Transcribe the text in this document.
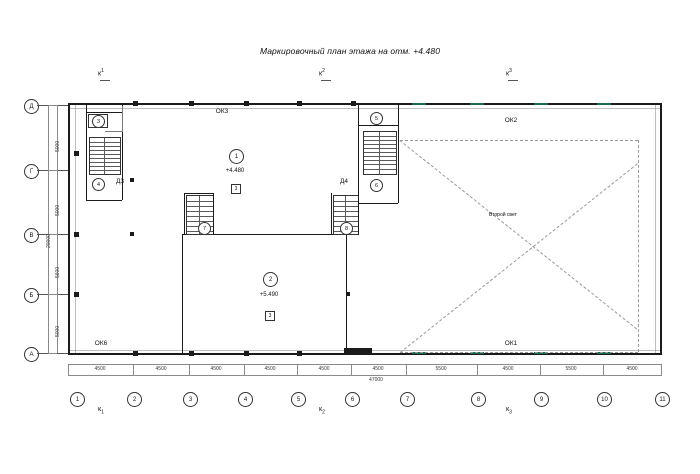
Маркировочный план этажа на отм. +4.480
$к^1$	$к^2$	$к^3$
Второй свет
ОК3
ОК2
ОК6	ОК1
Д3	Д4
+4.480
+5.490
1
2
3
4
5
6
7	8
3
3
Д
Г
В
Б
А
5000
5000
5600
5000
20000
4500	4500	4500	4500	4500	4500	5500	4500	5500	4500
47000
1	2	3	4	5	6	7	8	9	10	11
$к_1$	$к_2$	$к_3$
